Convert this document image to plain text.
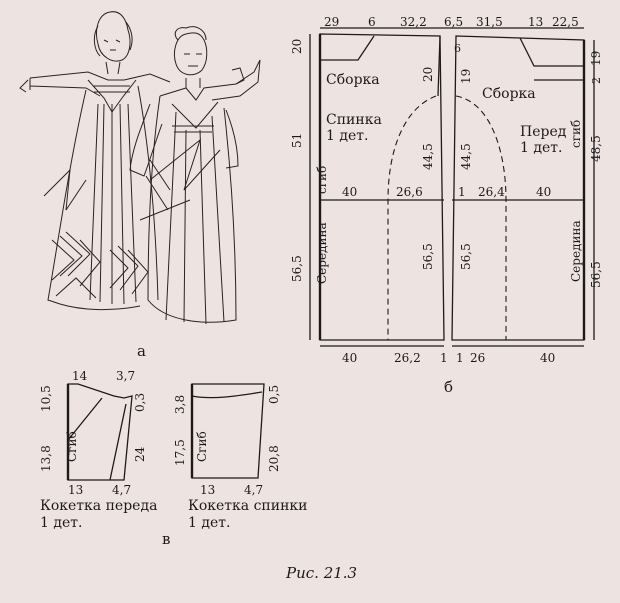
а
29 6 32,2
Сборка
Спинка
1 дет.
20
51
56,5
сгиб
Середина
20
44,5
56,5
40	26,6
40	26,2 1
6,5
6
31,5 13 22,5
Сборка
Перед
1 дет.
19
2
48,5
56,5
сгиб
Середина
19
44,5
56,5
1 26,4	40
1 26	40
б
14 3,7
10,5
13,8
0,3
24
Сгиб
13 4,7
Кокетка переда
1 дет.
3,8
17,5
0,5
20,8
Сгиб
13 4,7
Кокетка спинки
1 дет.
в
Рис. 21.3
